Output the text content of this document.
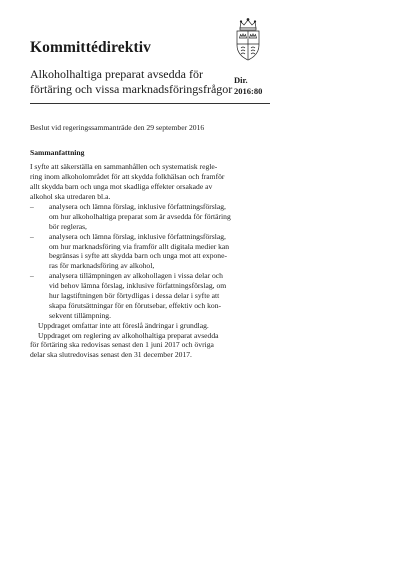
Kommittédirektiv
Alkoholhaltiga preparat avsedda för
förtäring och vissa marknadsföringsfrågor
Dir.
2016:80
Beslut vid regeringssammanträde den 29 september 2016
Sammanfattning
I syfte att säkerställa en sammanhållen och systematisk regle-
ring inom alkoholområdet för att skydda folkhälsan och framför
allt skydda barn och unga mot skadliga effekter orsakade av
alkohol ska utredaren bl.a.
–	analysera och lämna förslag, inklusive författningsförslag,
om hur alkoholhaltiga preparat som är avsedda för förtäring
bör regleras,
–	analysera och lämna förslag, inklusive författningsförslag,
om hur marknadsföring via framför allt digitala medier kan
begränsas i syfte att skydda barn och unga mot att expone-
ras för marknadsföring av alkohol,
–	analysera tillämpningen av alkohollagen i vissa delar och
vid behov lämna förslag, inklusive författningsförslag, om
hur lagstiftningen bör förtydligas i dessa delar i syfte att
skapa förutsättningar för en förutsebar, effektiv och kon-
sekvent tillämpning.
Uppdraget omfattar inte att föreslå ändringar i grundlag.
Uppdraget om reglering av alkoholhaltiga preparat avsedda
för förtäring ska redovisas senast den 1 juni 2017 och övriga
delar ska slutredovisas senast den 31 december 2017.
